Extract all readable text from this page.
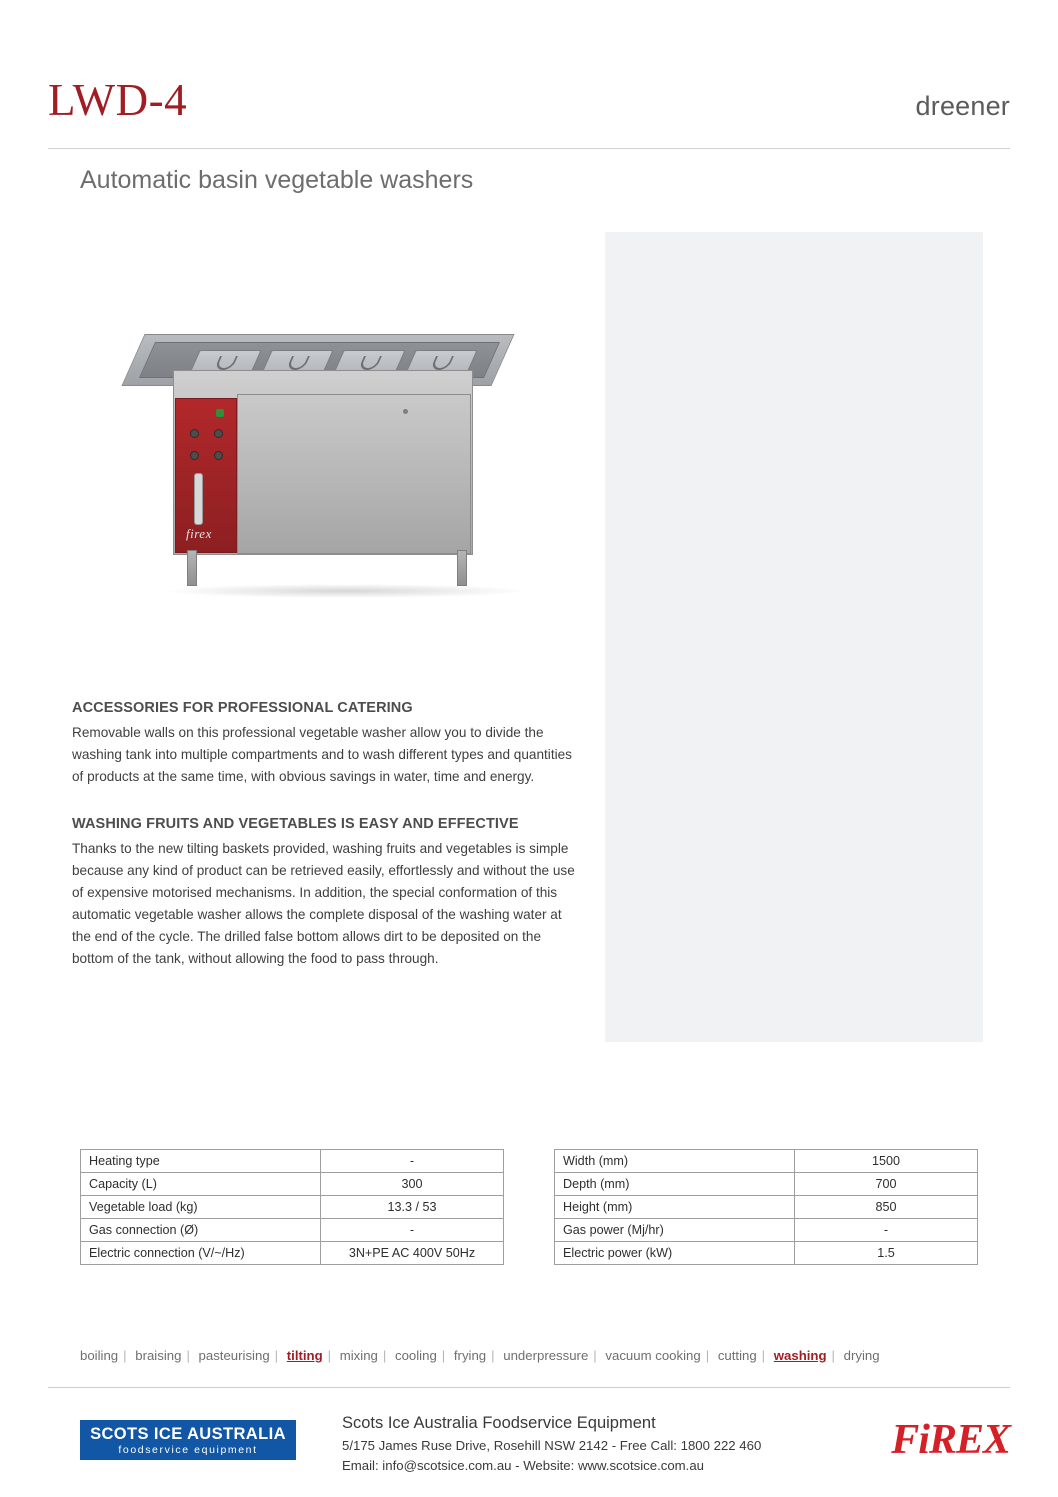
LWD-4	dreener
Automatic basin vegetable washers
firex
ACCESSORIES FOR PROFESSIONAL CATERING

Removable walls on this professional vegetable washer allow you to divide the washing tank into multiple compartments and to wash different types and quantities of products at the same time, with obvious savings in water, time and energy.

WASHING FRUITS AND VEGETABLES IS EASY AND EFFECTIVE

Thanks to the new tilting baskets provided, washing fruits and vegetables is simple because any kind of product can be retrieved easily, effortlessly and without the use of expensive motorised mechanisms. In addition, the special conformation of this automatic vegetable washer allows the complete disposal of the washing water at the end of the cycle. The drilled false bottom allows dirt to be deposited on the bottom of the tank, without allowing the food to pass through.

Heating type	-
Capacity (L)	300
Vegetable load (kg)	13.3 / 53
Gas connection (Ø)	-
Electric connection (V/~/Hz)	3N+PE AC 400V 50Hz
Width (mm)	1500
Depth (mm)	700
Height (mm)	850
Gas power (Mj/hr)	-
Electric power (kW)	1.5
boiling | braising | pasteurising | tilting | mixing | cooling | frying | underpressure | vacuum cooking | cutting | washing | drying
SCOTS ICE AUSTRALIA
foodservice equipment
Scots Ice Australia Foodservice Equipment
5/175 James Ruse Drive, Rosehill NSW 2142 - Free Call: 1800 222 460
Email: info@scotsice.com.au - Website: www.scotsice.com.au
FiREX
